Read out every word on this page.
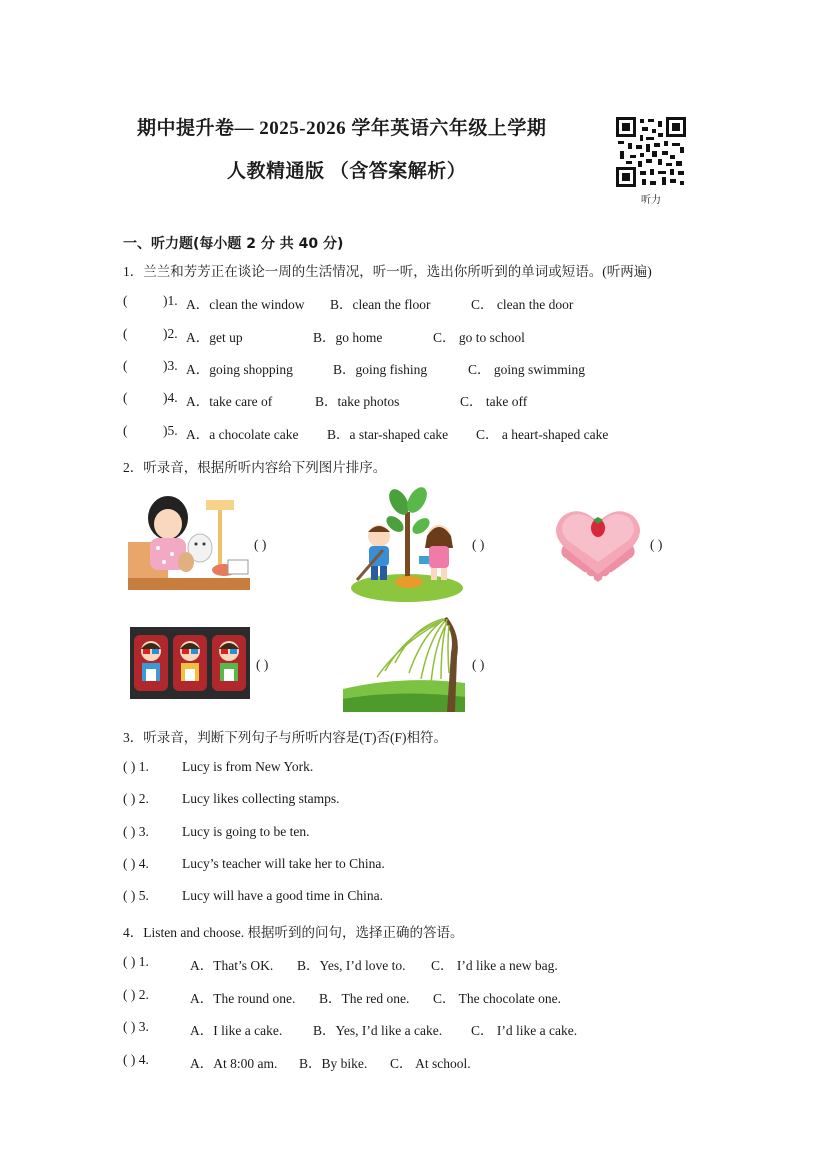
期中提升卷— 2025-2026 学年英语六年级上学期
人教精通版 （含答案解析）
听力
一、听力题(每小题 2 分 共 40 分)
1．兰兰和芳芳正在谈论一周的生活情况，听一听，选出你所听到的单词或短语。(听两遍)
(	)1. A．clean the window B．clean the floor	C． clean the door
(	)2. A．get up	B．go home	C． go to school
(	)3. A．going shopping	B．going fishing	C． going swimming
(	)4. A．take care of	B．take photos	C． take off
(	)5. A．a chocolate cake B．a star-shaped cake C． a heart-shaped cake
2．听录音，根据所听内容给下列图片排序。
( )	( )	( )
( )	( )
3．听录音，判断下列句子与所听内容是(T)否(F)相符。
( ) 1. Lucy is from New York.
( ) 2. Lucy likes collecting stamps.
( ) 3. Lucy is going to be ten.
( ) 4. Lucy’s teacher will take her to China.
( ) 5. Lucy will have a good time in China.
4．Listen and choose. 根据听到的问句，选择正确的答语。
( ) 1.	A．That’s OK. B．Yes, I’d love to. C． I’d like a new bag.
( ) 2.	A．The round one. B．The red one. C． The chocolate one.
( ) 3.	A．I like a cake. B．Yes, I’d like a cake. C． I’d like a cake.
( ) 4.	A．At 8:00 am. B．By bike. C． At school.
